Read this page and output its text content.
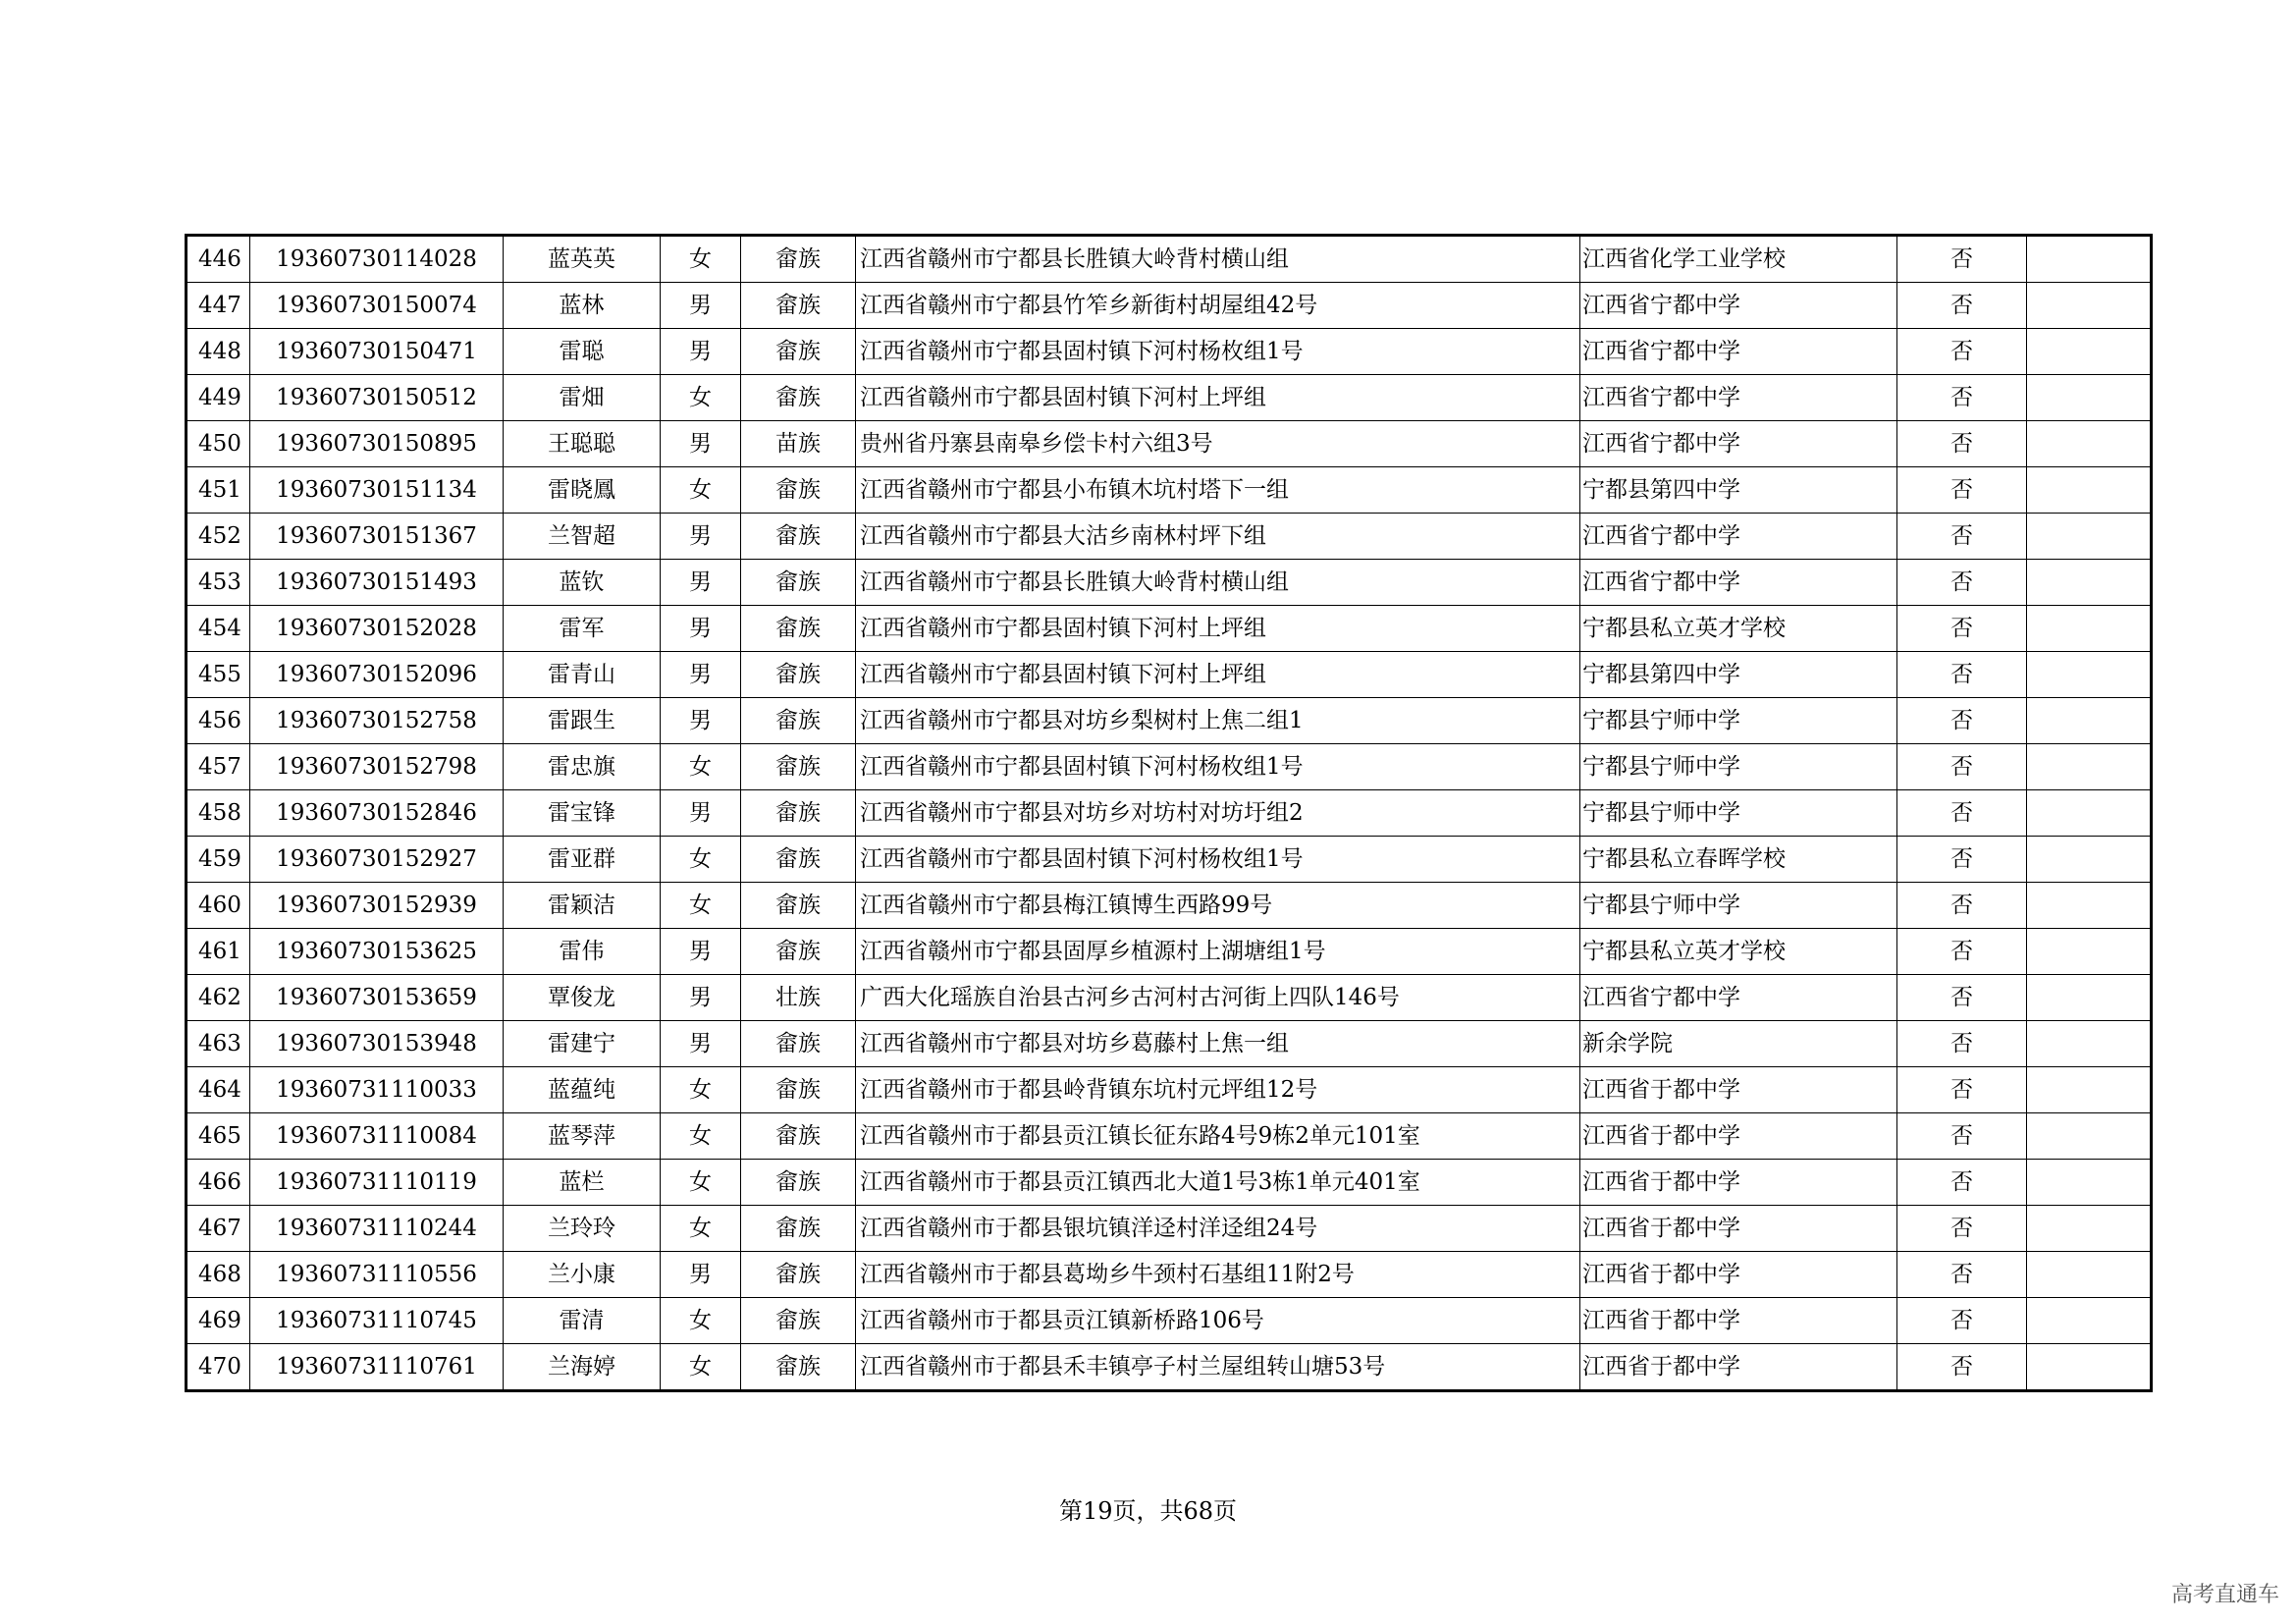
446	19360730114028	蓝英英	女	畲族	江西省赣州市宁都县长胜镇大岭背村横山组	江西省化学工业学校	否	
447	19360730150074	蓝林	男	畲族	江西省赣州市宁都县竹笮乡新街村胡屋组42号	江西省宁都中学	否	
448	19360730150471	雷聪	男	畲族	江西省赣州市宁都县固村镇下河村杨枚组1号	江西省宁都中学	否	
449	19360730150512	雷畑	女	畲族	江西省赣州市宁都县固村镇下河村上坪组	江西省宁都中学	否	
450	19360730150895	王聪聪	男	苗族	贵州省丹寨县南皋乡偿卡村六组3号	江西省宁都中学	否	
451	19360730151134	雷晓鳳	女	畲族	江西省赣州市宁都县小布镇木坑村塔下一组	宁都县第四中学	否	
452	19360730151367	兰智超	男	畲族	江西省赣州市宁都县大沽乡南林村坪下组	江西省宁都中学	否	
453	19360730151493	蓝钦	男	畲族	江西省赣州市宁都县长胜镇大岭背村横山组	江西省宁都中学	否	
454	19360730152028	雷军	男	畲族	江西省赣州市宁都县固村镇下河村上坪组	宁都县私立英才学校	否	
455	19360730152096	雷青山	男	畲族	江西省赣州市宁都县固村镇下河村上坪组	宁都县第四中学	否	
456	19360730152758	雷跟生	男	畲族	江西省赣州市宁都县对坊乡梨树村上焦二组1	宁都县宁师中学	否	
457	19360730152798	雷忠旗	女	畲族	江西省赣州市宁都县固村镇下河村杨枚组1号	宁都县宁师中学	否	
458	19360730152846	雷宝锋	男	畲族	江西省赣州市宁都县对坊乡对坊村对坊圩组2	宁都县宁师中学	否	
459	19360730152927	雷亚群	女	畲族	江西省赣州市宁都县固村镇下河村杨枚组1号	宁都县私立春晖学校	否	
460	19360730152939	雷颖洁	女	畲族	江西省赣州市宁都县梅江镇博生西路99号	宁都县宁师中学	否	
461	19360730153625	雷伟	男	畲族	江西省赣州市宁都县固厚乡植源村上湖塘组1号	宁都县私立英才学校	否	
462	19360730153659	覃俊龙	男	壮族	广西大化瑶族自治县古河乡古河村古河街上四队146号	江西省宁都中学	否	
463	19360730153948	雷建宁	男	畲族	江西省赣州市宁都县对坊乡葛藤村上焦一组	新余学院	否	
464	19360731110033	蓝蕴纯	女	畲族	江西省赣州市于都县岭背镇东坑村元坪组12号	江西省于都中学	否	
465	19360731110084	蓝琴萍	女	畲族	江西省赣州市于都县贡江镇长征东路4号9栋2单元101室	江西省于都中学	否	
466	19360731110119	蓝栏	女	畲族	江西省赣州市于都县贡江镇西北大道1号3栋1单元401室	江西省于都中学	否	
467	19360731110244	兰玲玲	女	畲族	江西省赣州市于都县银坑镇洋迳村洋迳组24号	江西省于都中学	否	
468	19360731110556	兰小康	男	畲族	江西省赣州市于都县葛坳乡牛颈村石基组11附2号	江西省于都中学	否	
469	19360731110745	雷清	女	畲族	江西省赣州市于都县贡江镇新桥路106号	江西省于都中学	否	
470	19360731110761	兰海婷	女	畲族	江西省赣州市于都县禾丰镇亭子村兰屋组转山塘53号	江西省于都中学	否	
第19页，共68页
高考直通车
